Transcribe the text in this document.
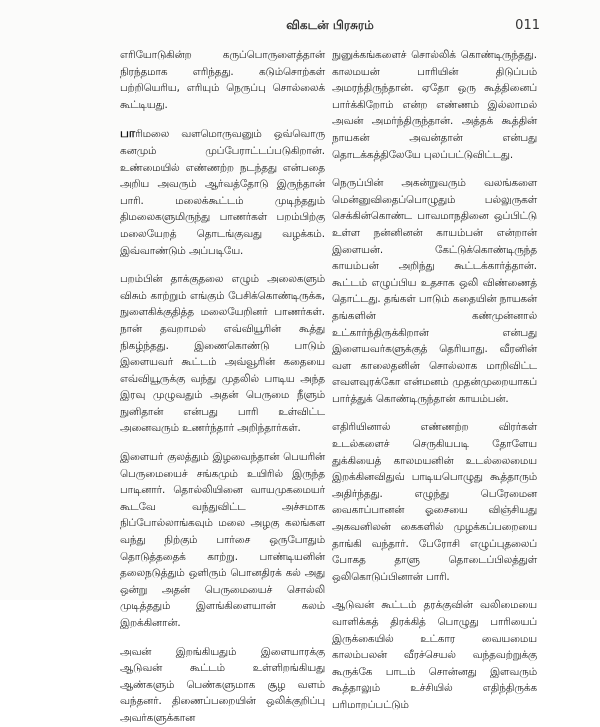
விகடன் பிரசுரம்	011

எரியோடுகின்ற கருப்பொருளைத்தான் நிரந்தமாக எரிந்தது. கடும்சொற்கள் பற்றியெரிய, எரியும் நெருப்பு சொல்லைக் கூட்டியது.

பாரிமலை வளமொருவனும் ஒவ்வொரு கனமும் முப்பேராட்டப்படுகிறான். உண்மையில் எண்ணற்ற நடந்தது என்பதை அறிய அவரும் ஆர்வத்தோடு இருந்தான் பாரி. மலைக்கூட்டம் முடிந்ததும் திமலைகளுமிருந்து பாணர்கள் பறம்பிற்கு மலையேறத் தொடங்குவது வழக்கம். இவ்வாண்டும் அப்படியே.

பறம்பின் தாக்குதலை எழும் அலைகளும் விசும் காற்றும் எங்கும் பேசிக்கொண்டிருக்க, நுளைகிக்குதித்த மலையேறினர் பாணர்கள். நான் தவறாமல் எவ்வியூரின் கூத்து நிகழ்ந்தது. இணைகொண்டு பாடும் இளையவர் கூட்டம் அவ்வூரின் கதையை எவ்வியூருக்கு வந்து முதலில் பாடிய அந்த இரவு முழுவதும் அதன் பெருமை நீளும் நுனிதான் என்பது பாரி உள்விட்ட அனைவரும் உணர்ந்தார் அறிந்தார்கள்.

இளையர் குலத்தும் இழவைந்தான் பெயரின் பெருமையைச் சங்கமும் உயிரில் இருந்த பாடினார். தொல்லியினை வாயமுகமையர் கூடவே வந்துவிட்ட அச்சமாக நிப்போல்லாங்கவும் மலை அழகு கலங்கள வந்து நிற்கும் பார்சை ஒருபோதும் தொடுத்ததைக் காற்று. பாண்டியனின் தலைநடுத்தும் ஒளிரும் பொனதிரக் கல் அது ஒன்று அதன் பெருமையைச் சொல்லி முடித்ததும் இளங்கிளையான் கலம் இறக்கினான்.

அவன் இறங்கியதும் இளையாரக்கு ஆடுவன் கூட்டம் உள்ளிறங்கியது ஆண்களும் பெண்களுமாக சூழ வளம் வந்தனர். திணைப்பறையின் ஒலிக்குறிப்பு அவர்களுக்கான

நுனுக்கங்களைச் சொல்லிக் கொண்டிருந்தது. காலமயன் பாரியின் திடுப்பம் அமரந்திருந்தான். ஏதோ ஒரு கூத்தினைப் பார்க்கிறோம் என்ற எண்ணம் இல்லாமல் அவன் அமர்ந்திருந்தான். அத்தக் கூத்தின் நாயகன் அவன்தான் என்பது தொடக்கத்திலேயே புலப்பட்டுவிட்டது.

நெருப்பின் அகன்றுவரும் வலங்களை மென்னுவிதைப்பொழுதும் பல்லுருகள் செக்கின்கொண்ட பாவமாநதினை ஒப்பிட்டு உள்ள நன்னினன் காயம்பன் என்றான் இளையன். கேட்டுக்கொண்டிருந்த காயம்பன் அறிந்து கூட்டக்கார்த்தான். கூட்டம் எழுப்பிய உதசாக ஒலி விண்ணைத் தொட்டது. தங்கள் பாடும் கதையின் நாயகன் தங்களின் கண்முன்னால் உட்கார்ந்திருக்கிறான் என்பது இளையவர்களுக்குத் தெரியாது. வீரனின் வள காலைதனின் சொல்லாக மாறிவிட்ட எவளவுரக்கோ என்மனம் முதன்முறையாகப் பார்த்துக் கொண்டிருந்தான் காயம்பன்.

எதிரியினால் எண்ணற்ற விரர்கள் உடல்களைச் செருகியபடி தோளேய துக்கியைத் காலமயனின் உடல்லைமைய இறக்கினவிதுவ் பாடியபொழுது கூத்தாரும் அதிர்ந்தது. எழுந்து பெரேமைன வைகாப்பானன் ஓசையை விஞ்சியது அகவனிலன் கைகளில் முழக்கப்பறையை தாங்கி வந்தார். பேரோசி எழுப்புதலைப் போகத தாளு தொடைப்பிலத்துள் ஒலிகொடுப்பினான் பாரி.

ஆடுவன் கூட்டம் தரக்குவின் வலிமையை வாளிக்கத் திரக்கித் பொழுது பாரியைப் இருக்கையில் உட்கார வையமைய காலம்பலன் வீரச்செயல் வந்தவற்றுக்கு கூருக்கே பாடம் சொன்னது இளவரும் கூத்தாலும் உச்சியில் எதிந்திருக்க பரிமாறப்பட்டும்
